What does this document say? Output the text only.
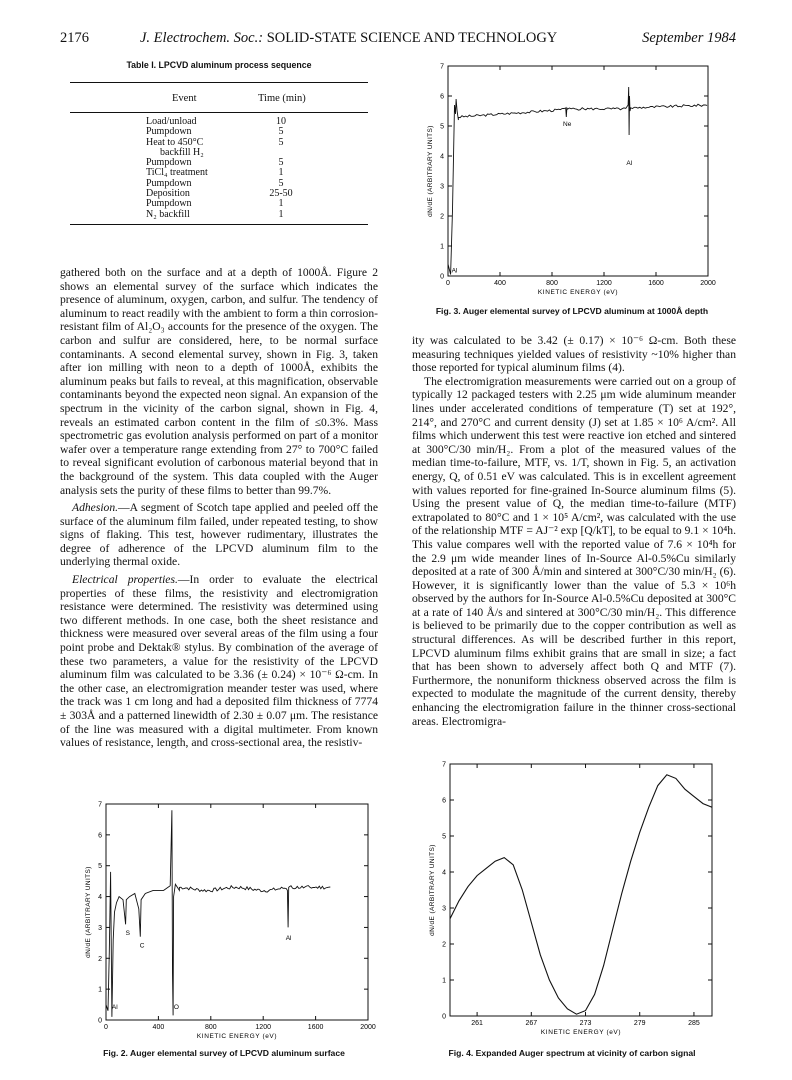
2176	J. Electrochem. Soc.: SOLID-STATE SCIENCE AND TECHNOLOGY	September 1984
Table I. LPCVD aluminum process sequence
Event	Time (min)
Load/unload	10
Pumpdown	5
Heat to 450°C	5
backfill H₂
Pumpdown	5
TiCl₄ treatment	1
Pumpdown	5
Deposition	25-50
Pumpdown	1
N₂ backfill	1

gathered both on the surface and at a depth of 1000Å. Figure 2 shows an elemental survey of the surface which indicates the presence of aluminum, oxygen, carbon, and sulfur. The tendency of aluminum to react readily with the ambient to form a thin corrosion-resistant film of Al₂O₃ accounts for the presence of the oxygen. The carbon and sulfur are considered, here, to be normal surface contaminants. A second elemental survey, shown in Fig. 3, taken after ion milling with neon to a depth of 1000Å, exhibits the aluminum peaks but fails to reveal, at this magnification, observable contaminants beyond the expected neon signal. An expansion of the spectrum in the vicinity of the carbon signal, shown in Fig. 4, reveals an estimated carbon content in the film of ≤0.3%. Mass spectrometric gas evolution analysis performed on part of a monitor wafer over a temperature range extending from 27° to 700°C failed to reveal significant evolution of carbonous material beyond that in the background of the system. This data coupled with the Auger analysis sets the purity of these films to better than 99.7%.

Adhesion.—A segment of Scotch tape applied and peeled off the surface of the aluminum film failed, under repeated testing, to show signs of flaking. This test, however rudimentary, illustrates the degree of adherence of the LPCVD aluminum film to the underlying thermal oxide.

Electrical properties.—In order to evaluate the electrical properties of these films, the resistivity and electromigration resistance were determined. The resistivity was determined using two different methods. In one case, both the sheet resistance and thickness were measured over several areas of the film using a four point probe and Dektak® stylus. By combination of the average of these two parameters, a value for the resistivity of the LPCVD aluminum film was calculated to be 3.36 (± 0.24) × 10⁻⁶ Ω-cm. In the other case, an electromigration meander tester was used, where the track was 1 cm long and had a deposited film thickness of 7774 ± 303Å and a patterned linewidth of 2.30 ± 0.07 μm. The resistance of the line was measured with a digital multimeter. From known values of resistance, length, and cross-sectional area, the resistiv-

0	400	800	1200	1600	2000
0
1
2
3
4
5
6
7
KINETIC ENERGY (eV)
dN/dE (ARBITRARY UNITS)
Al
Ne
Al
Fig. 3. Auger elemental survey of LPCVD aluminum at 1000Å depth

ity was calculated to be 3.42 (± 0.17) × 10⁻⁶ Ω-cm. Both these measuring techniques yielded values of resistivity ~10% higher than those reported for typical aluminum films (4).

The electromigration measurements were carried out on a group of typically 12 packaged testers with 2.25 μm wide aluminum meander lines under accelerated conditions of temperature (T) set at 192°, 214°, and 270°C and current density (J) set at 1.85 × 10⁶ A/cm². All films which underwent this test were reactive ion etched and sintered at 300°C/30 min/H₂. From a plot of the measured values of the median time-to-failure, MTF, vs. 1/T, shown in Fig. 5, an activation energy, Q, of 0.51 eV was calculated. This is in excellent agreement with values reported for fine-grained In-Source aluminum films (5). Using the present value of Q, the median time-to-failure (MTF) extrapolated to 80°C and 1 × 10⁵ A/cm², was calculated with the use of the relationship MTF = AJ⁻² exp [Q/kT], to be equal to 9.1 × 10⁴h. This value compares well with the reported value of 7.6 × 10⁴h for the 2.9 μm wide meander lines of In-Source Al-0.5%Cu similarly deposited at a rate of 300 Å/min and sintered at 300°C/30 min/H₂ (6). However, it is significantly lower than the value of 5.3 × 10⁶h observed by the authors for In-Source Al-0.5%Cu deposited at 300°C at a rate of 140 Å/s and sintered at 300°C/30 min/H₂. This difference is believed to be primarily due to the copper contribution as well as structural differences. As will be described further in this report, LPCVD aluminum films exhibit grains that are small in size; a fact that has been shown to adversely affect both Q and MTF (7). Furthermore, the nonuniform thickness observed across the film is expected to modulate the magnitude of the current density, thereby enhancing the electromigration failure in the thinner cross-sectional areas. Electromigra-

0	400	800	1200	1600	2000
0
1
2
3
4
5
6
7
KINETIC ENERGY (eV)
dN/dE (ARBITRARY UNITS)
Al
S
C
O
Al
Fig. 2. Auger elemental survey of LPCVD aluminum surface
261	267	273	279	285
0
1
2
3
4
5
6
7
KINETIC ENERGY (eV)
dN/dE (ARBITRARY UNITS)
Fig. 4. Expanded Auger spectrum at vicinity of carbon signal
